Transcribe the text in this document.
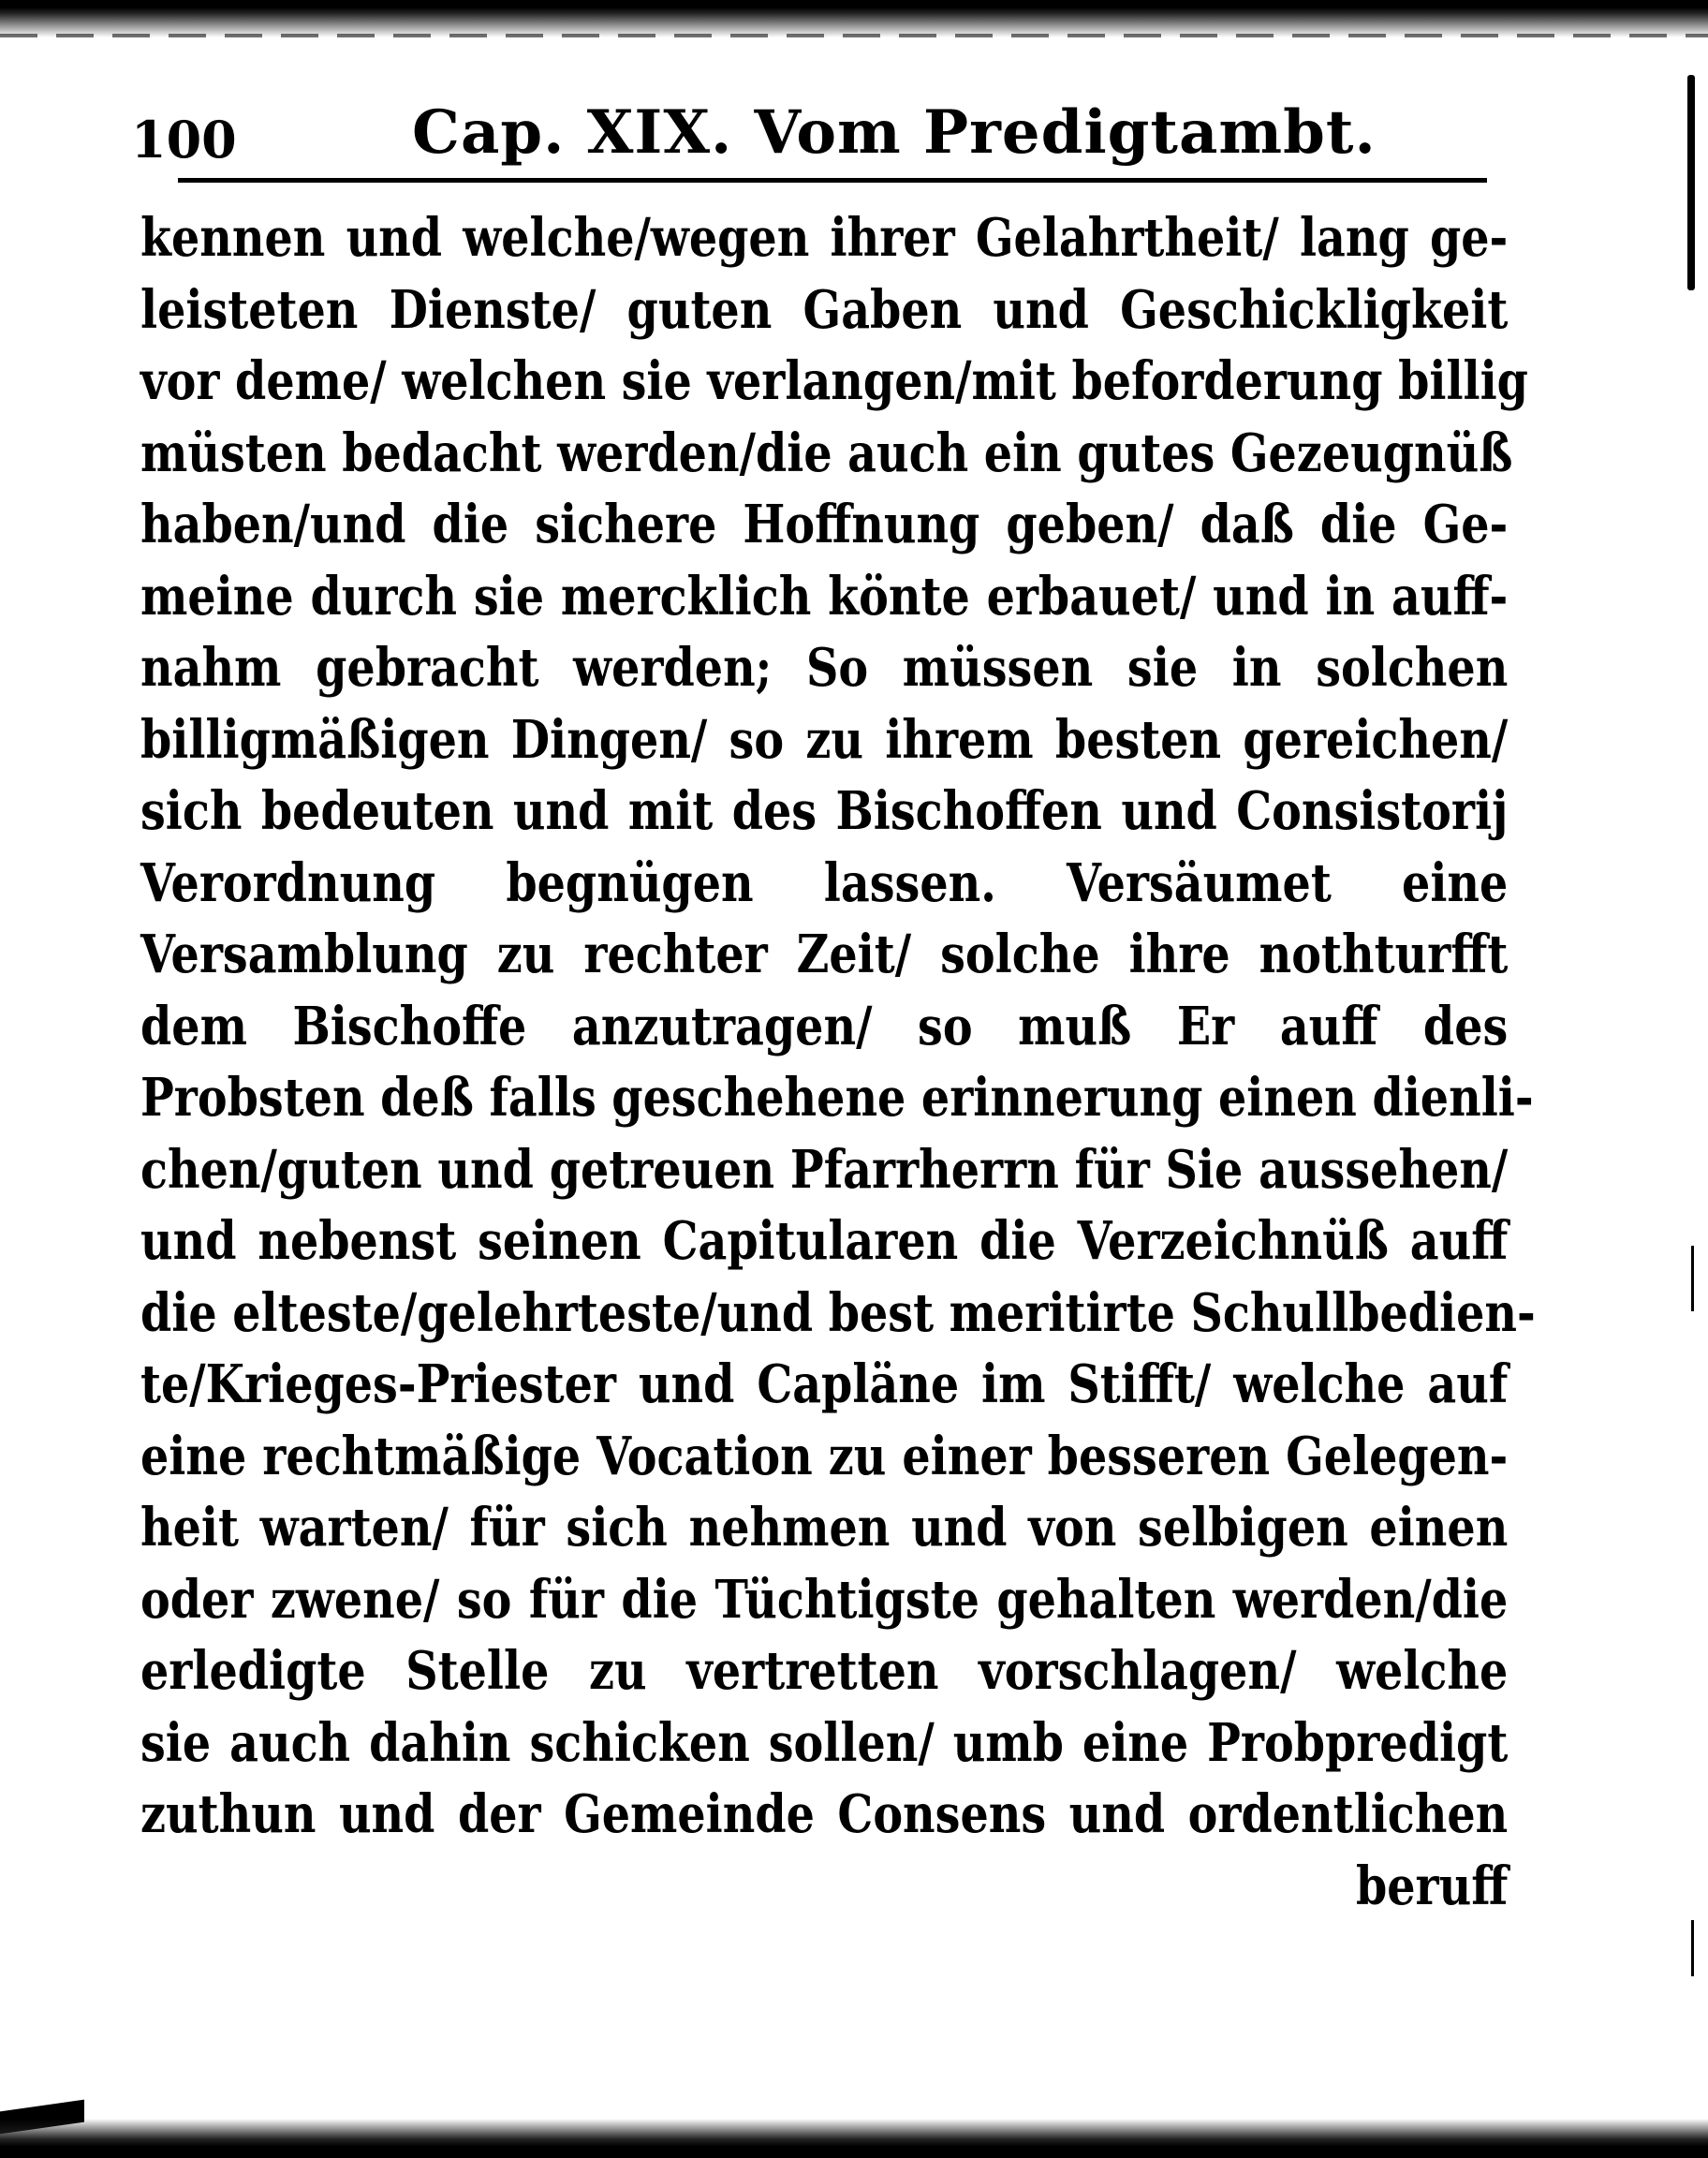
100	Cap. XIX. Vom Predigtambt.
kennen und welche/wegen ihrer Gelahrtheit/ lang ge-
leisteten Dienste/ guten Gaben und Geschickligkeit
vor deme/ welchen sie verlangen/mit beforderung billig
müsten bedacht werden/die auch ein gutes Gezeugnüß
haben/und die sichere Hoffnung geben/ daß die Ge-
meine durch sie mercklich könte erbauet/ und in auff-
nahm gebracht werden; So müssen sie in solchen
billigmäßigen Dingen/ so zu ihrem besten gereichen/
sich bedeuten und mit des Bischoffen und Consistorij
Verordnung begnügen lassen. Versäumet eine
Versamblung zu rechter Zeit/ solche ihre nothturfft
dem Bischoffe anzutragen/ so muß Er auff des
Probsten deß falls geschehene erinnerung einen dienli-
chen/guten und getreuen Pfarrherrn für Sie aussehen/
und nebenst seinen Capitularen die Verzeichnüß auff
die elteste/gelehrteste/und best meritirte Schullbedien-
te/Krieges-Priester und Capläne im Stifft/ welche auf
eine rechtmäßige Vocation zu einer besseren Gelegen-
heit warten/ für sich nehmen und von selbigen einen
oder zwene/ so für die Tüchtigste gehalten werden/die
erledigte Stelle zu vertretten vorschlagen/ welche
sie auch dahin schicken sollen/ umb eine Probpredigt
zuthun und der Gemeinde Consens und ordentlichen
beruff
